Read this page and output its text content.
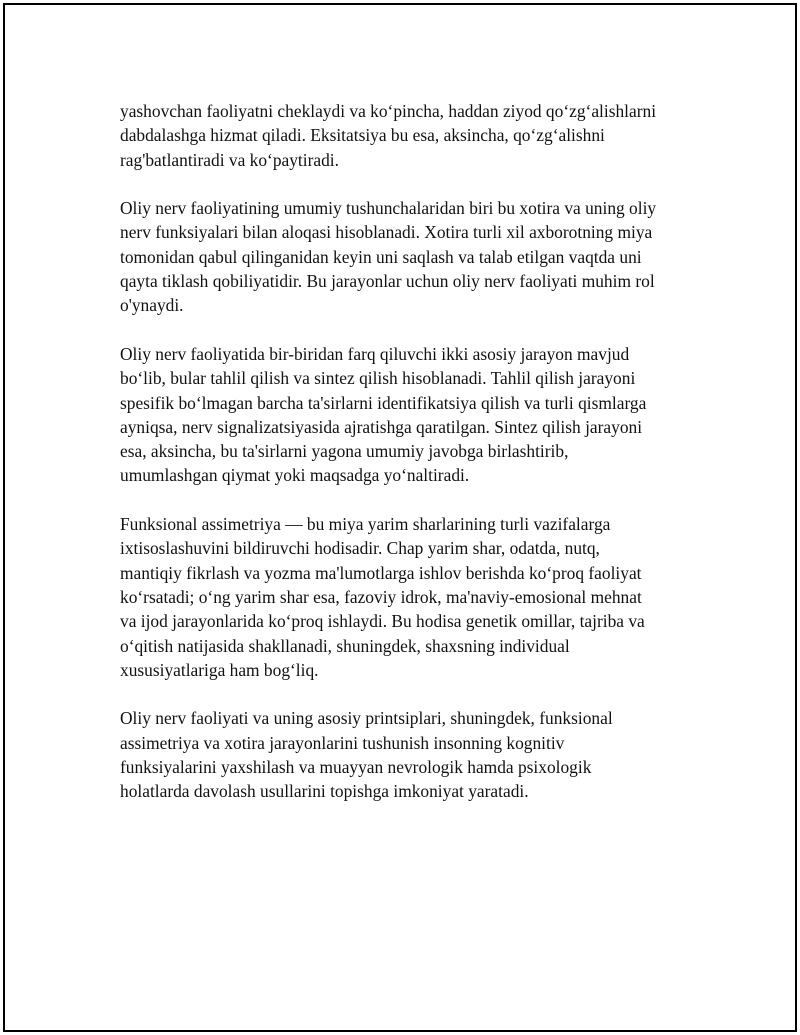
yashovchan faoliyatni cheklaydi va ko‘pincha, haddan ziyod qo‘zg‘alishlarni
dabdalashga hizmat qiladi. Eksitatsiya bu esa, aksincha, qo‘zg‘alishni
rag'batlantiradi va ko‘paytiradi.

Oliy nerv faoliyatining umumiy tushunchalaridan biri bu xotira va uning oliy
nerv funksiyalari bilan aloqasi hisoblanadi. Xotira turli xil axborotning miya
tomonidan qabul qilinganidan keyin uni saqlash va talab etilgan vaqtda uni
qayta tiklash qobiliyatidir. Bu jarayonlar uchun oliy nerv faoliyati muhim rol
o'ynaydi.

Oliy nerv faoliyatida bir-biridan farq qiluvchi ikki asosiy jarayon mavjud
bo‘lib, bular tahlil qilish va sintez qilish hisoblanadi. Tahlil qilish jarayoni
spesifik bo‘lmagan barcha ta'sirlarni identifikatsiya qilish va turli qismlarga
ayniqsa, nerv signalizatsiyasida ajratishga qaratilgan. Sintez qilish jarayoni
esa, aksincha, bu ta'sirlarni yagona umumiy javobga birlashtirib,
umumlashgan qiymat yoki maqsadga yo‘naltiradi.

Funksional assimetriya — bu miya yarim sharlarining turli vazifalarga
ixtisoslashuvini bildiruvchi hodisadir. Chap yarim shar, odatda, nutq,
mantiqiy fikrlash va yozma ma'lumotlarga ishlov berishda ko‘proq faoliyat
ko‘rsatadi; o‘ng yarim shar esa, fazoviy idrok, ma'naviy-emosional mehnat
va ijod jarayonlarida ko‘proq ishlaydi. Bu hodisa genetik omillar, tajriba va
o‘qitish natijasida shakllanadi, shuningdek, shaxsning individual
xususiyatlariga ham bog‘liq.

Oliy nerv faoliyati va uning asosiy printsiplari, shuningdek, funksional
assimetriya va xotira jarayonlarini tushunish insonning kognitiv
funksiyalarini yaxshilash va muayyan nevrologik hamda psixologik
holatlarda davolash usullarini topishga imkoniyat yaratadi.
